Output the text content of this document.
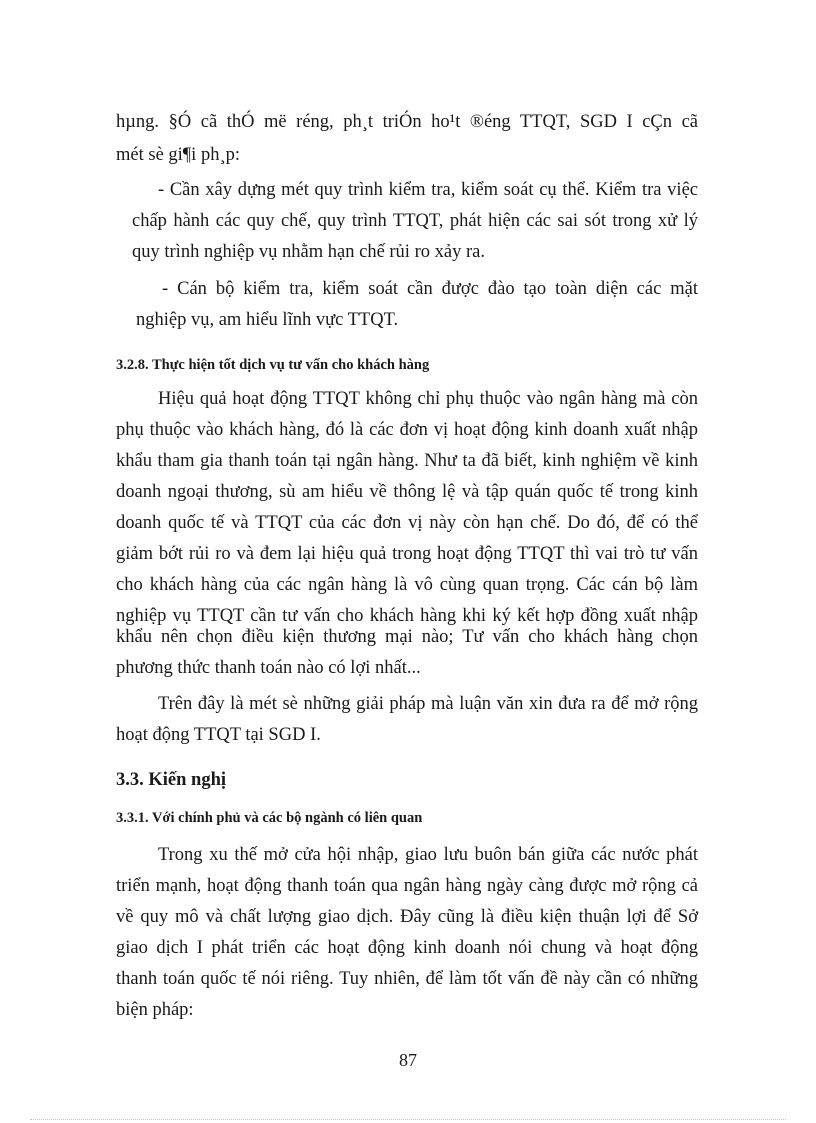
hµng. §Ó cã thÓ më réng, ph¸t triÓn ho¹t ®éng TTQT, SGD I cÇn cã
mét sè gi¶i ph¸p:
- Cần xây dựng mét quy trình kiểm tra, kiểm soát cụ thể. Kiểm tra việc
chấp hành các quy chế, quy trình TTQT, phát hiện các sai sót trong xử lý
quy trình nghiệp vụ nhằm hạn chế rủi ro xảy ra.
- Cán bộ kiểm tra, kiểm soát cần được đào tạo toàn diện các mặt
nghiệp vụ, am hiểu lĩnh vực TTQT.
3.2.8. Thực hiện tốt dịch vụ tư vấn cho khách hàng
Hiệu quả hoạt động TTQT không chỉ phụ thuộc vào ngân hàng mà còn
phụ thuộc vào khách hàng, đó là các đơn vị hoạt động kinh doanh xuất nhập
khẩu tham gia thanh toán tại ngân hàng. Như ta đã biết, kinh nghiệm về kinh
doanh ngoại thương, sù am hiểu về thông lệ và tập quán quốc tế trong kinh
doanh quốc tế và TTQT của các đơn vị này còn hạn chế. Do đó, để có thể
giảm bớt rủi ro và đem lại hiệu quả trong hoạt động TTQT thì vai trò tư vấn
cho khách hàng của các ngân hàng là vô cùng quan trọng. Các cán bộ làm
nghiệp vụ TTQT cần tư vấn cho khách hàng khi ký kết hợp đồng xuất nhập
khẩu nên chọn điều kiện thương mại nào; Tư vấn cho khách hàng chọn
phương thức thanh toán nào có lợi nhất...
Trên đây là mét sè những giải pháp mà luận văn xin đưa ra để mở rộng
hoạt động TTQT tại SGD I.
3.3. Kiến nghị
3.3.1. Với chính phủ và các bộ ngành có liên quan
Trong xu thế mở cửa hội nhập, giao lưu buôn bán giữa các nước phát
triển mạnh, hoạt động thanh toán qua ngân hàng ngày càng được mở rộng cả
về quy mô và chất lượng giao dịch. Đây cũng là điều kiện thuận lợi để Sở
giao dịch I phát triển các hoạt động kinh doanh nói chung và hoạt động
thanh toán quốc tế nói riêng. Tuy nhiên, để làm tốt vấn đề này cần có những
biện pháp:
87
